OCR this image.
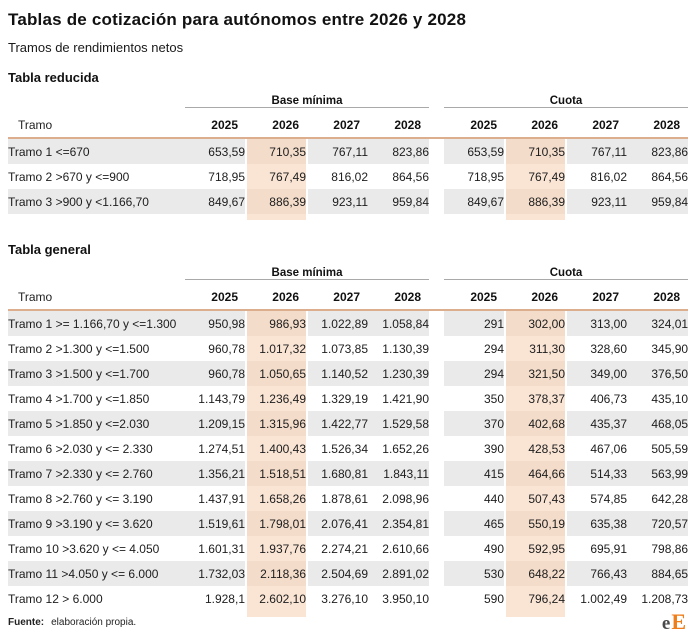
Tablas de cotización para autónomos entre 2026 y 2028
Tramos de rendimientos netos
Tabla reducida
	Base mínima					Cuota			
Tramo	2025	2026	2027	2028		2025	2026	2027	2028
Tramo 1 <=670	653,59	710,35	767,11	823,86		653,59	710,35	767,11	823,86
Tramo 2 >670 y <=900	718,95	767,49	816,02	864,56		718,95	767,49	816,02	864,56
Tramo 3 >900 y <1.166,70	849,67	886,39	923,11	959,84		849,67	886,39	923,11	959,84

Tabla general
	Base mínima					Cuota			
Tramo	2025	2026	2027	2028		2025	2026	2027	2028
Tramo 1 >= 1.166,70 y <=1.300	950,98	986,93	1.022,89	1.058,84		291	302,00	313,00	324,01
Tramo 2 >1.300 y <=1.500	960,78	1.017,32	1.073,85	1.130,39		294	311,30	328,60	345,90
Tramo 3 >1.500 y <=1.700	960,78	1.050,65	1.140,52	1.230,39		294	321,50	349,00	376,50
Tramo 4 >1.700 y <=1.850	1.143,79	1.236,49	1.329,19	1.421,90		350	378,37	406,73	435,10
Tramo 5 >1.850 y <=2.030	1.209,15	1.315,96	1.422,77	1.529,58		370	402,68	435,37	468,05
Tramo 6 >2.030 y <= 2.330	1.274,51	1.400,43	1.526,34	1.652,26		390	428,53	467,06	505,59
Tramo 7 >2.330 y <= 2.760	1.356,21	1.518,51	1.680,81	1.843,11		415	464,66	514,33	563,99
Tramo 8 >2.760 y <= 3.190	1.437,91	1.658,26	1.878,61	2.098,96		440	507,43	574,85	642,28
Tramo 9 >3.190 y <= 3.620	1.519,61	1.798,01	2.076,41	2.354,81		465	550,19	635,38	720,57
Tramo 10 >3.620 y <= 4.050	1.601,31	1.937,76	2.274,21	2.610,66		490	592,95	695,91	798,86
Tramo 11 >4.050 y <= 6.000	1.732,03	2.118,36	2.504,69	2.891,02		530	648,22	766,43	884,65
Tramo 12 > 6.000	1.928,1	2.602,10	3.276,10	3.950,10		590	796,24	1.002,49	1.208,73

Fuente: elaboración propia.	eE
